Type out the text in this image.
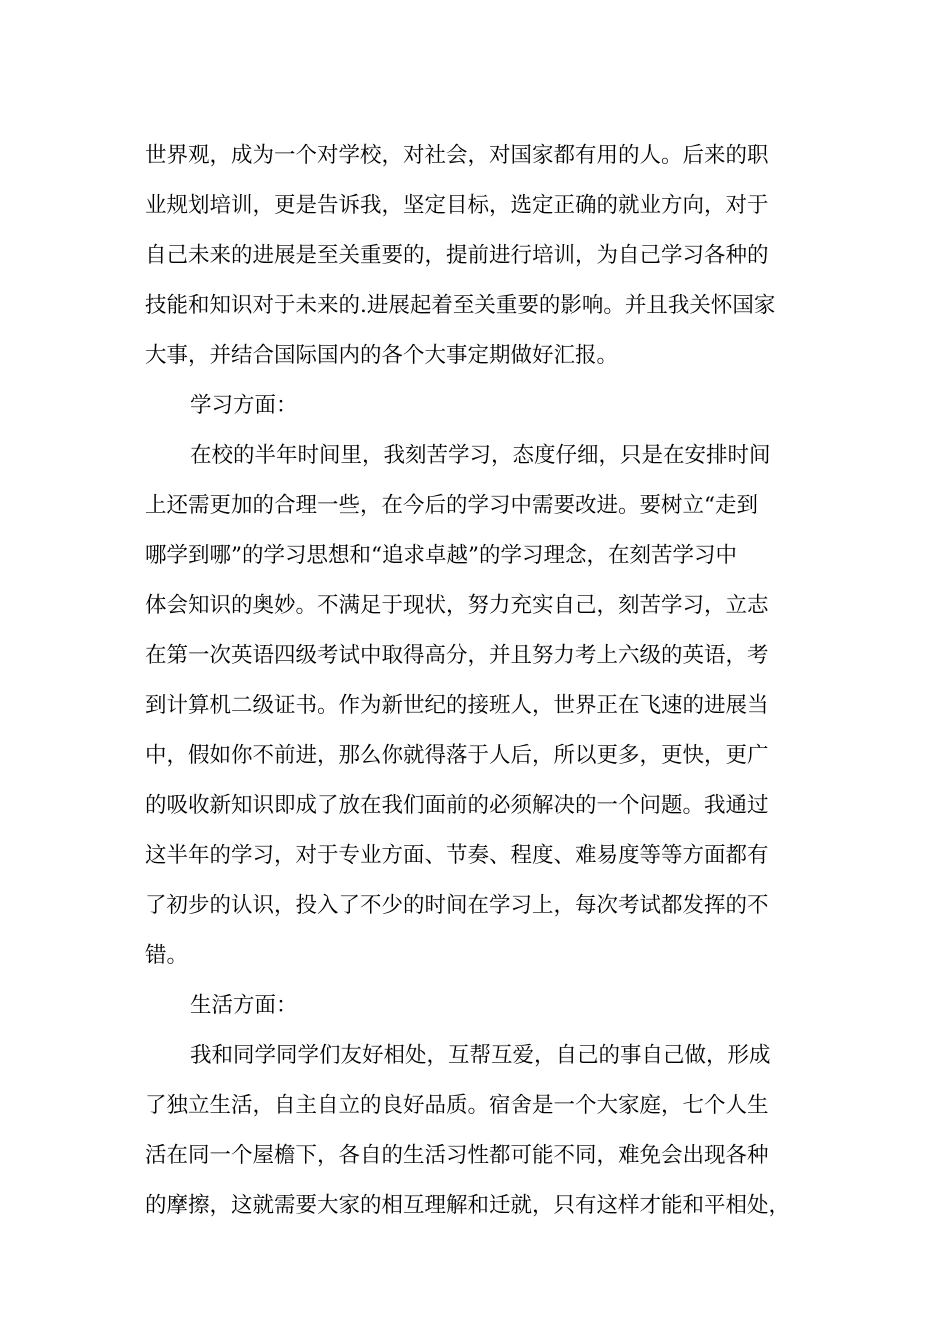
世界观，成为一个对学校，对社会，对国家都有用的人。后来的职
业规划培训，更是告诉我，坚定目标，选定正确的就业方向，对于
自己未来的进展是至关重要的，提前进行培训，为自己学习各种的
技能和知识对于未来的.进展起着至关重要的影响。并且我关怀国家
大事，并结合国际国内的各个大事定期做好汇报。
学习方面：
在校的半年时间里，我刻苦学习，态度仔细，只是在安排时间
上还需更加的合理一些，在今后的学习中需要改进。要树立“走到
哪学到哪”的学习思想和“追求卓越”的学习理念，在刻苦学习中
体会知识的奥妙。不满足于现状，努力充实自己，刻苦学习，立志
在第一次英语四级考试中取得高分，并且努力考上六级的英语，考
到计算机二级证书。作为新世纪的接班人，世界正在飞速的进展当
中，假如你不前进，那么你就得落于人后，所以更多，更快，更广
的吸收新知识即成了放在我们面前的必须解决的一个问题。我通过
这半年的学习，对于专业方面、节奏、程度、难易度等等方面都有
了初步的认识，投入了不少的时间在学习上，每次考试都发挥的不
错。
生活方面：
我和同学同学们友好相处，互帮互爱，自己的事自己做，形成
了独立生活，自主自立的良好品质。宿舍是一个大家庭，七个人生
活在同一个屋檐下，各自的生活习性都可能不同，难免会出现各种
的摩擦，这就需要大家的相互理解和迁就，只有这样才能和平相处，
